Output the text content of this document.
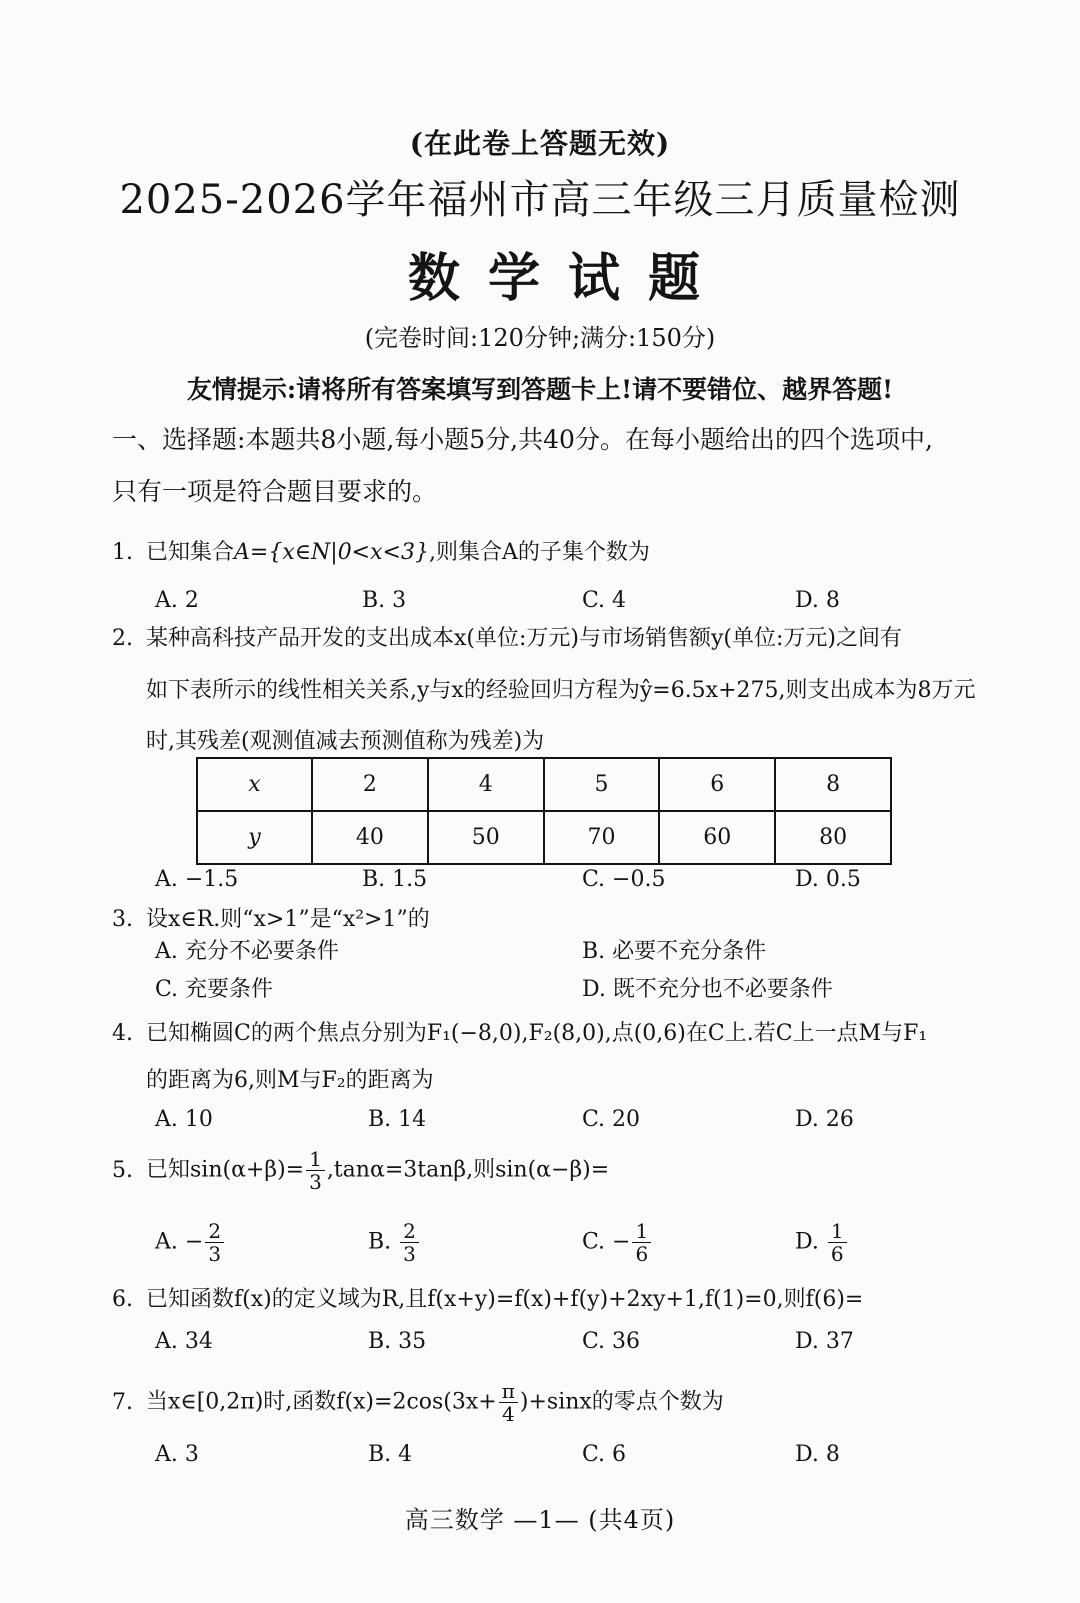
(在此卷上答题无效)
2025-2026学年福州市高三年级三月质量检测
数学试题
(完卷时间:120分钟;满分:150分)
友情提示:请将所有答案填写到答题卡上!请不要错位、越界答题!
一、选择题:本题共8小题,每小题5分,共40分。在每小题给出的四个选项中,
只有一项是符合题目要求的。
1. 已知集合A={x∈N|0<x<3},则集合A的子集个数为
A. 2	B. 3	C. 4	D. 8
2. 某种高科技产品开发的支出成本x(单位:万元)与市场销售额y(单位:万元)之间有
如下表所示的线性相关关系,y与x的经验回归方程为ŷ=6.5x+275,则支出成本为8万元
时,其残差(观测值减去预测值称为残差)为
x	2	4	5	6	8
y	40	50	70	60	80
A. −1.5	B. 1.5	C. −0.5	D. 0.5
3. 设x∈R.则“x>1”是“x²>1”的
A. 充分不必要条件	B. 必要不充分条件
C. 充要条件	D. 既不充分也不必要条件
4. 已知椭圆C的两个焦点分别为F₁(−8,0),F₂(8,0),点(0,6)在C上.若C上一点M与F₁
的距离为6,则M与F₂的距离为
A. 10	B. 14	C. 20	D. 26
5. 已知$\sin(\alpha+\beta)= \frac{1}{3} ,\tan\alpha=3\tan\beta$,则sin(α−β)=
A. − $\frac{2}{3}$	B. $\frac{2}{3}$	C. − $\frac{1}{6}$	D. $\frac{1}{6}$
6. 已知函数f(x)的定义域为R,且f(x+y)=f(x)+f(y)+2xy+1,f(1)=0,则f(6)=
A. 34	B. 35	C. 36	D. 37
7. 当x∈[0,2π)时,函数$f(x)=2\cos(3x+ \frac{\pi}{4} )+\sin x$的零点个数为
A. 3	B. 4	C. 6	D. 8
高三数学 —1— (共4页)
